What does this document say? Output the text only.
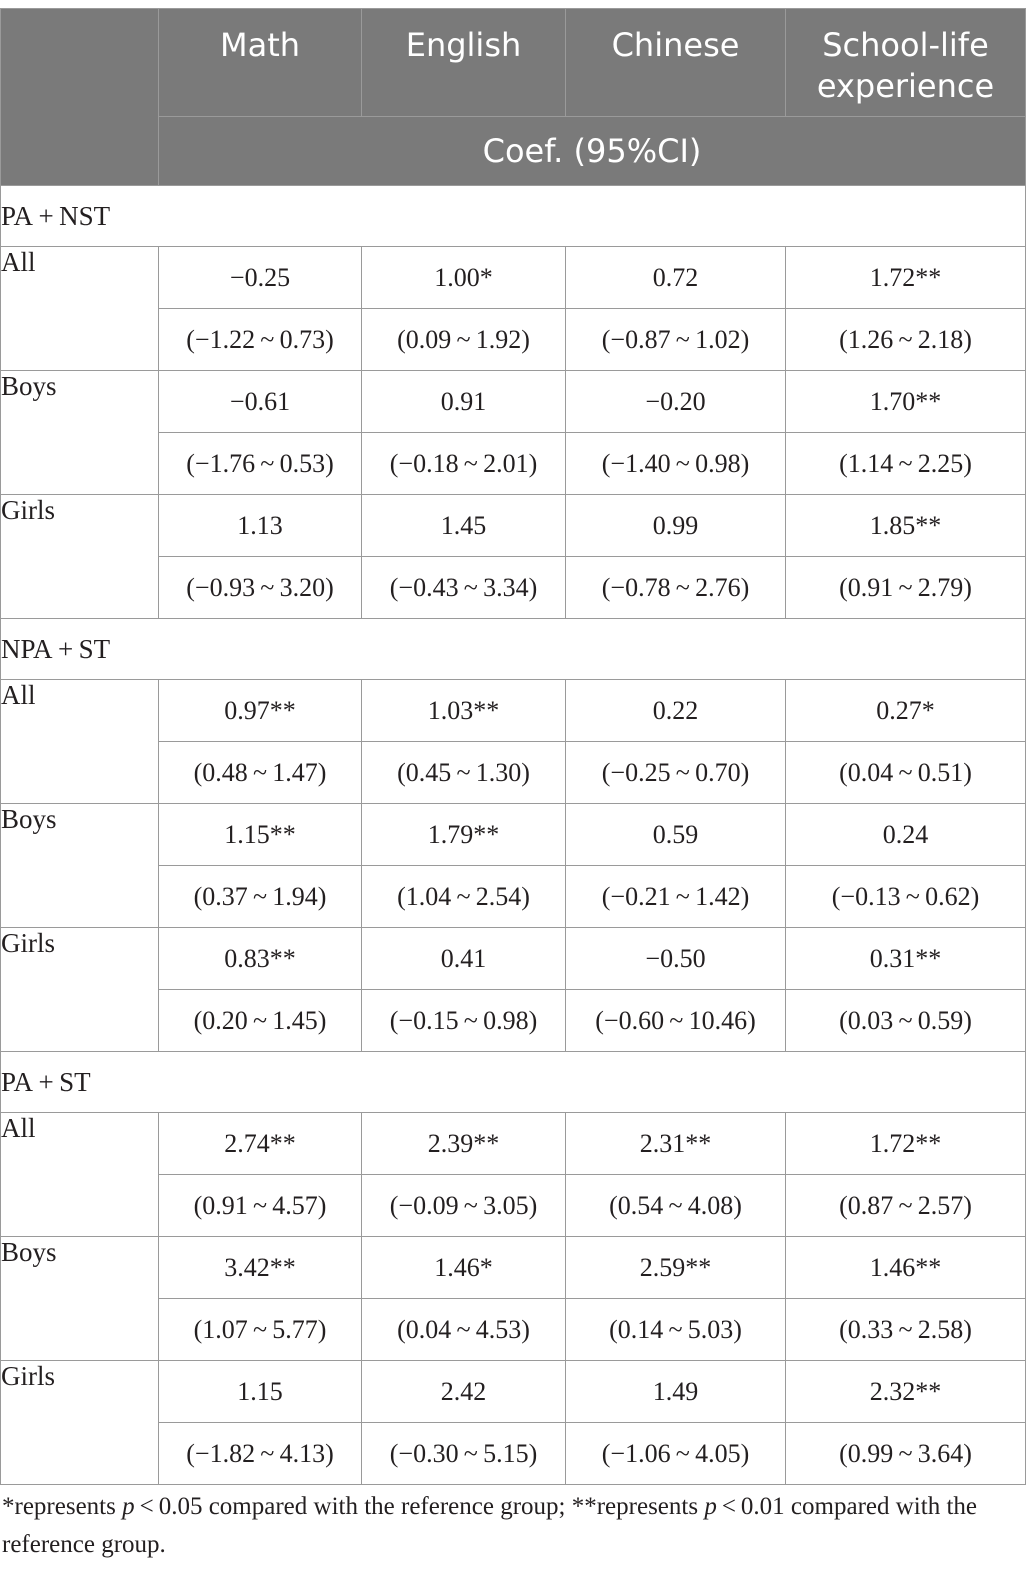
	Math	English	Chinese	School-life experience
	Coef. (95%CI)			
PA + NST				
All	−0.25	1.00*	0.72	1.72**
	(−1.22 ~ 0.73)	(0.09 ~ 1.92)	(−0.87 ~ 1.02)	(1.26 ~ 2.18)
Boys	−0.61	0.91	−0.20	1.70**
	(−1.76 ~ 0.53)	(−0.18 ~ 2.01)	(−1.40 ~ 0.98)	(1.14 ~ 2.25)
Girls	1.13	1.45	0.99	1.85**
	(−0.93 ~ 3.20)	(−0.43 ~ 3.34)	(−0.78 ~ 2.76)	(0.91 ~ 2.79)
NPA + ST				
All	0.97**	1.03**	0.22	0.27*
	(0.48 ~ 1.47)	(0.45 ~ 1.30)	(−0.25 ~ 0.70)	(0.04 ~ 0.51)
Boys	1.15**	1.79**	0.59	0.24
	(0.37 ~ 1.94)	(1.04 ~ 2.54)	(−0.21 ~ 1.42)	(−0.13 ~ 0.62)
Girls	0.83**	0.41	−0.50	0.31**
	(0.20 ~ 1.45)	(−0.15 ~ 0.98)	(−0.60 ~ 10.46)	(0.03 ~ 0.59)
PA + ST				
All	2.74**	2.39**	2.31**	1.72**
	(0.91 ~ 4.57)	(−0.09 ~ 3.05)	(0.54 ~ 4.08)	(0.87 ~ 2.57)
Boys	3.42**	1.46*	2.59**	1.46**
	(1.07 ~ 5.77)	(0.04 ~ 4.53)	(0.14 ~ 5.03)	(0.33 ~ 2.58)
Girls	1.15	2.42	1.49	2.32**
	(−1.82 ~ 4.13)	(−0.30 ~ 5.15)	(−1.06 ~ 4.05)	(0.99 ~ 3.64)
*represents p < 0.05 compared with the reference group; **represents p < 0.01 compared with the reference group.
